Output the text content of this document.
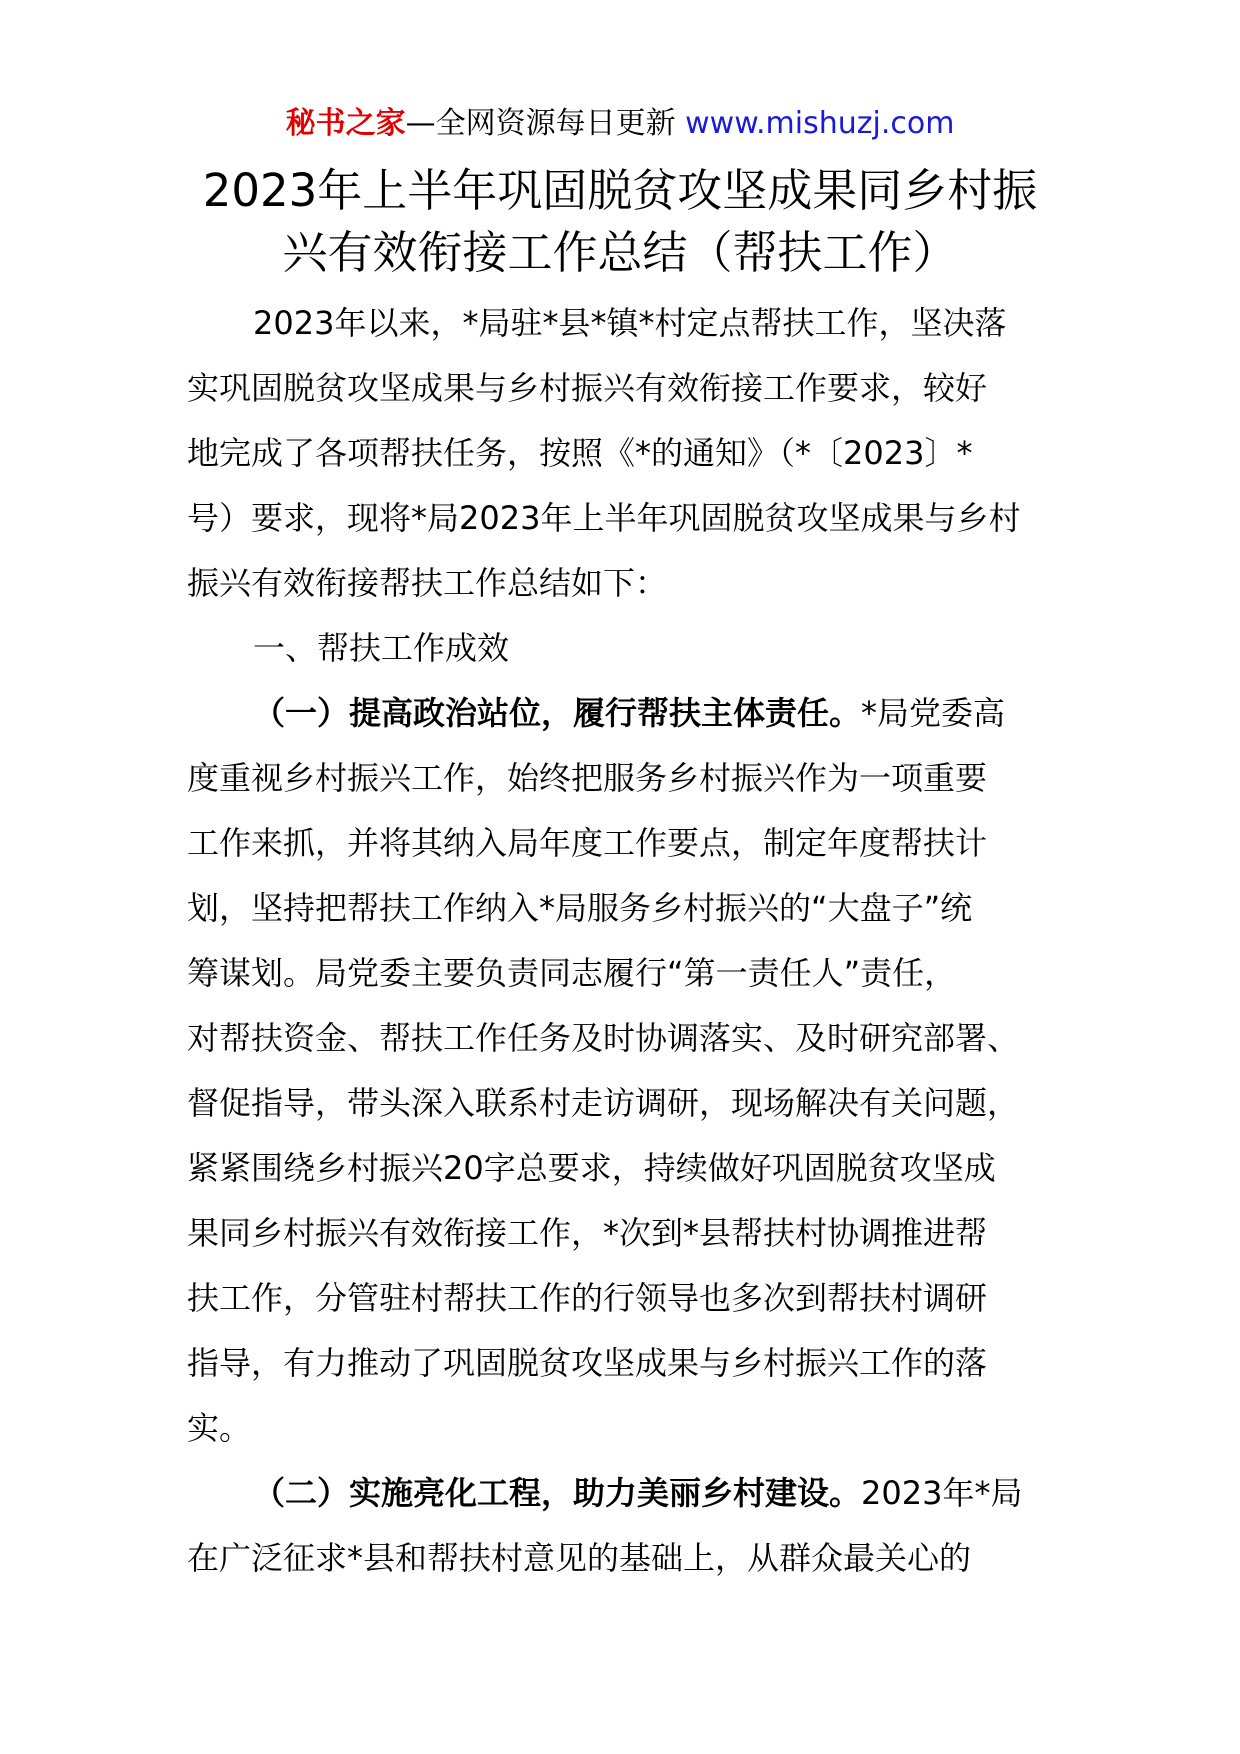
秘书之家—全网资源每日更新 www.mishuzj.com
2023年上半年巩固脱贫攻坚成果同乡村振
兴有效衔接工作总结（帮扶工作）
2023年以来，*局驻*县*镇*村定点帮扶工作，坚决落
实巩固脱贫攻坚成果与乡村振兴有效衔接工作要求，较好
地完成了各项帮扶任务，按照《*的通知》（*〔2023〕*
号）要求，现将*局2023年上半年巩固脱贫攻坚成果与乡村
振兴有效衔接帮扶工作总结如下：
一、帮扶工作成效
（一）提高政治站位，履行帮扶主体责任。*局党委高
度重视乡村振兴工作，始终把服务乡村振兴作为一项重要
工作来抓，并将其纳入局年度工作要点，制定年度帮扶计
划，坚持把帮扶工作纳入*局服务乡村振兴的“大盘子”统
筹谋划。局党委主要负责同志履行“第一责任人”责任，
对帮扶资金、帮扶工作任务及时协调落实、及时研究部署、
督促指导，带头深入联系村走访调研，现场解决有关问题，
紧紧围绕乡村振兴20字总要求，持续做好巩固脱贫攻坚成
果同乡村振兴有效衔接工作，*次到*县帮扶村协调推进帮
扶工作，分管驻村帮扶工作的行领导也多次到帮扶村调研
指导，有力推动了巩固脱贫攻坚成果与乡村振兴工作的落
实。
（二）实施亮化工程，助力美丽乡村建设。2023年*局
在广泛征求*县和帮扶村意见的基础上，从群众最关心的
